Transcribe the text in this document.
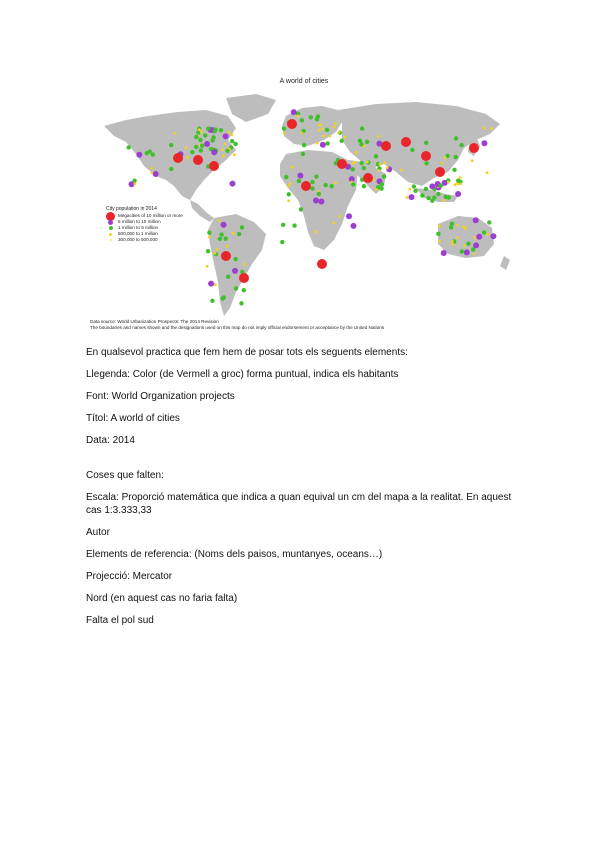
A world of cities
City population in 2014
Megacities of 10 million or more
5 million to 10 million
1 million to 5 million
500,000 to 1 million
300,000 to 500,000
Data source: World Urbanization Prospects: The 2014 Revision
The boundaries and names shown and the designations used on this map do not imply official endorsement or acceptance by the United Nations

En qualsevol practica que fem hem de posar tots els seguents elements:

Llegenda: Color (de Vermell a groc) forma puntual, indica els habitants

Font: World Organization projects

Títol: A world of cities

Data: 2014

Coses que falten:

Escala: Proporció matemática que indica a quan equival un cm del mapa a la realitat. En aquest cas 1:3.333,33

Autor

Elements de referencia: (Noms dels paisos, muntanyes, oceans…)

Projecció: Mercator

Nord (en aquest cas no faria falta)

Falta el pol sud
